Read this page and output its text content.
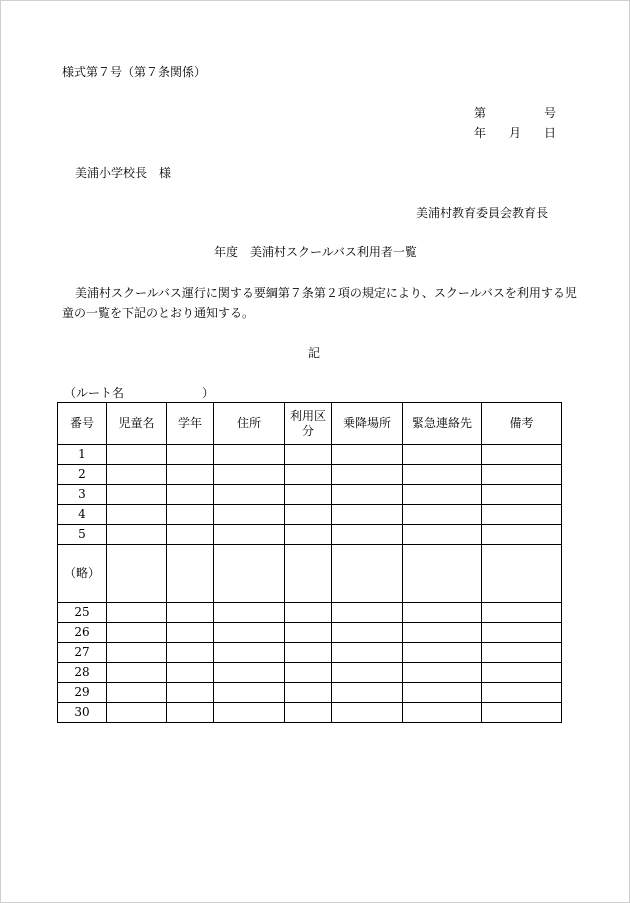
様式第７号（第７条関係）
第	号
年 月 日
美浦小学校長　様
美浦村教育委員会教育長
年度　美浦村スクールバス利用者一覧
美浦村スクールバス運行に関する要綱第７条第２項の規定により、スクールバスを利用する児
童の一覧を下記のとおり通知する。
記
（ルート名	）
番号	児童名	学年	住所	利用区
分	乗降場所	緊急連絡先	備考
1							
2							
3							
4							
5							
（略）							
25							
26							
27							
28							
29							
30							
